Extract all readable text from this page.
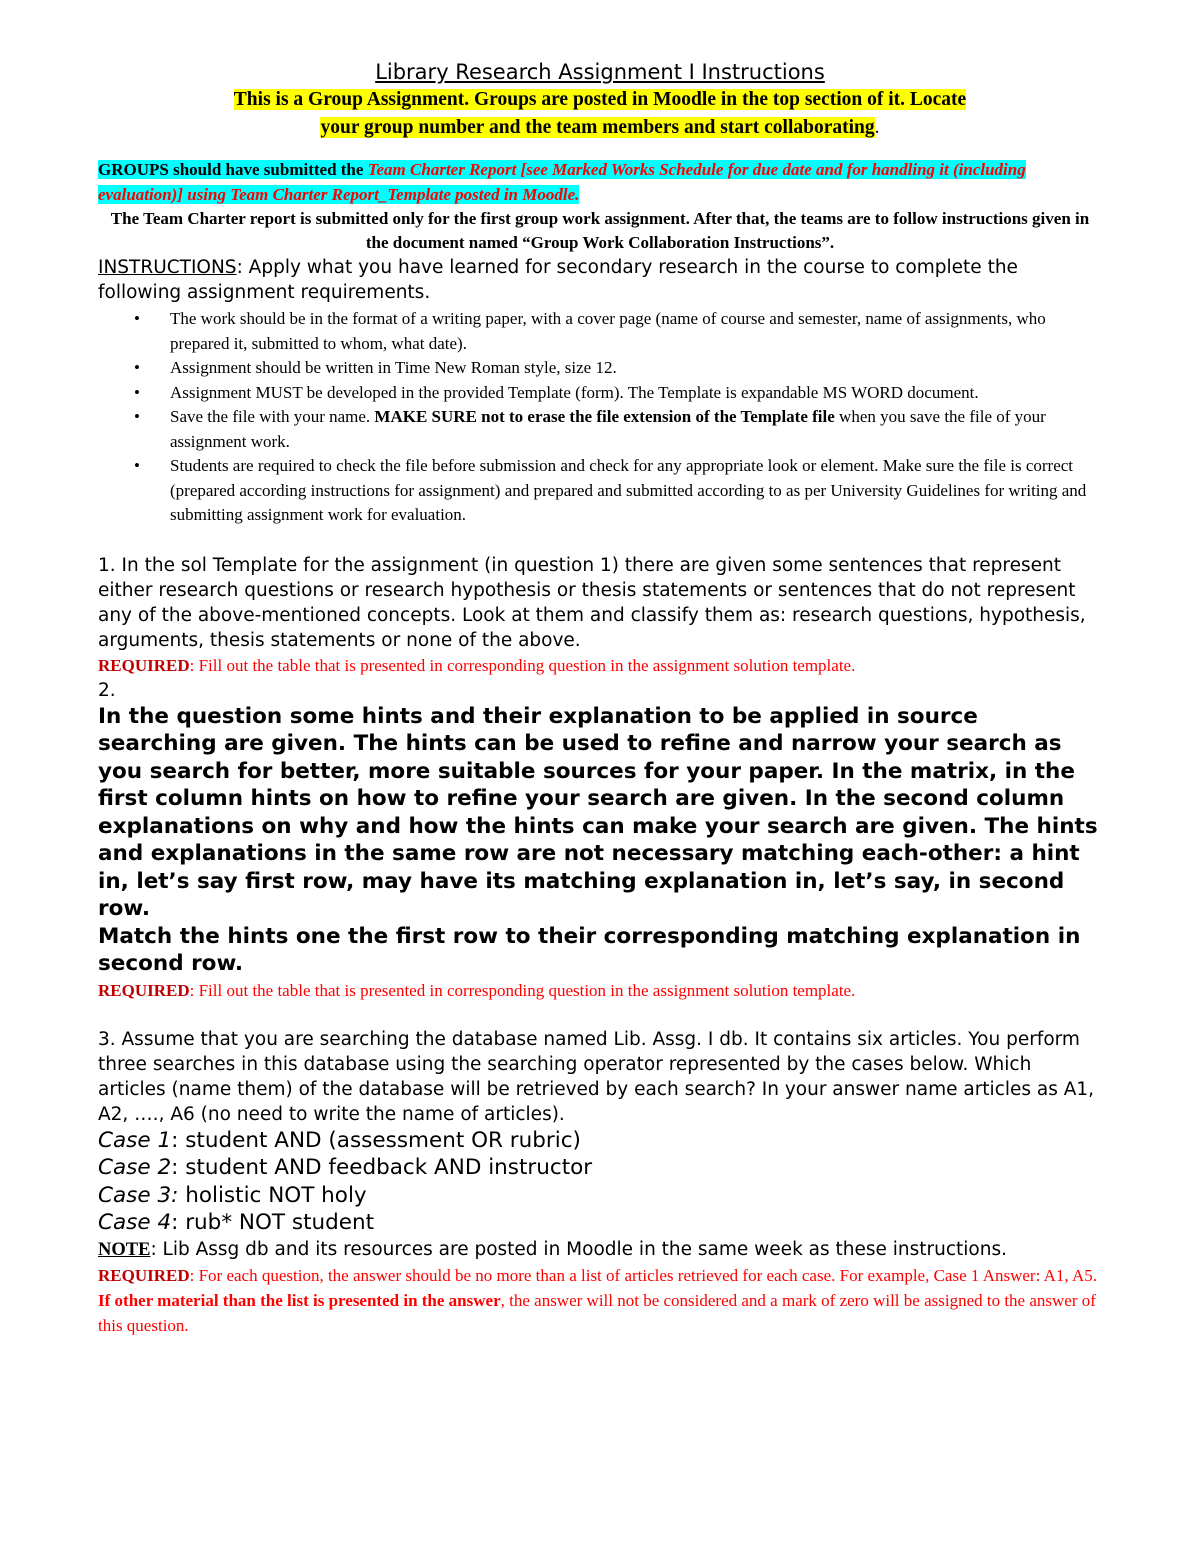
Library Research Assignment I Instructions
This is a Group Assignment. Groups are posted in Moodle in the top section of it. Locate
your group number and the team members and start collaborating.
GROUPS should have submitted the Team Charter Report [see Marked Works Schedule for due date and for handling it (including evaluation)] using Team Charter Report_Template posted in Moodle.
The Team Charter report is submitted only for the first group work assignment. After that, the teams are to follow instructions given in the document named “Group Work Collaboration Instructions”.
INSTRUCTIONS: Apply what you have learned for secondary research in the course to complete the following assignment requirements.
• The work should be in the format of a writing paper, with a cover page (name of course and semester, name of assignments, who prepared it, submitted to whom, what date).
• Assignment should be written in Time New Roman style, size 12.
• Assignment MUST be developed in the provided Template (form). The Template is expandable MS WORD document.
• Save the file with your name. MAKE SURE not to erase the file extension of the Template file when you save the file of your assignment work.
• Students are required to check the file before submission and check for any appropriate look or element. Make sure the file is correct (prepared according instructions for assignment) and prepared and submitted according to as per University Guidelines for writing and submitting assignment work for evaluation.
1. In the sol Template for the assignment (in question 1) there are given some sentences that represent either research questions or research hypothesis or thesis statements or sentences that do not represent any of the above-mentioned concepts. Look at them and classify them as: research questions, hypothesis, arguments, thesis statements or none of the above.
REQUIRED: Fill out the table that is presented in corresponding question in the assignment solution template.
2.
In the question some hints and their explanation to be applied in source searching are given. The hints can be used to refine and narrow your search as you search for better, more suitable sources for your paper. In the matrix, in the first column hints on how to refine your search are given. In the second column explanations on why and how the hints can make your search are given. The hints and explanations in the same row are not necessary matching each-other: a hint in, let’s say first row, may have its matching explanation in, let’s say, in second row.
Match the hints one the first row to their corresponding matching explanation in second row.
REQUIRED: Fill out the table that is presented in corresponding question in the assignment solution template.
3. Assume that you are searching the database named Lib. Assg. I db. It contains six articles. You perform three searches in this database using the searching operator represented by the cases below. Which articles (name them) of the database will be retrieved by each search? In your answer name articles as A1, A2, …., A6 (no need to write the name of articles).
Case 1: student AND (assessment OR rubric)
Case 2: student AND feedback AND instructor
Case 3: holistic NOT holy
Case 4: rub* NOT student
NOTE: Lib Assg db and its resources are posted in Moodle in the same week as these instructions.
REQUIRED: For each question, the answer should be no more than a list of articles retrieved for each case. For example, Case 1 Answer: A1, A5. If other material than the list is presented in the answer, the answer will not be considered and a mark of zero will be assigned to the answer of this question.
